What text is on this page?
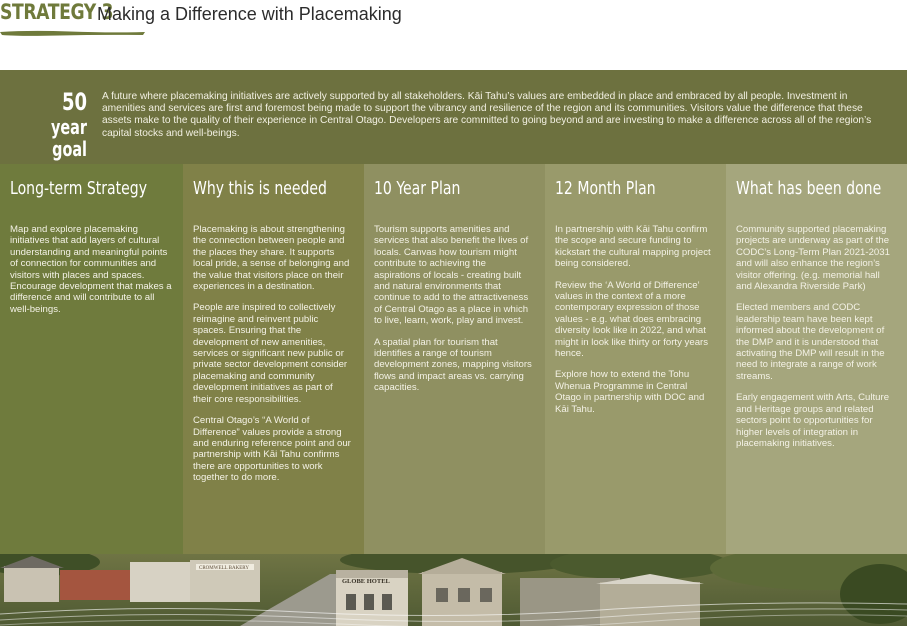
STRATEGY 3
Making a Difference with Placemaking
50
year goal
A future where placemaking initiatives are actively supported by all stakeholders. Kāi Tahu’s values are embedded in place and embraced by all people. Investment in amenities and services are first and foremost being made to support the vibrancy and resilience of the region and its communities. Visitors value the difference that these assets make to the quality of their experience in Central Otago. Developers are committed to going beyond and are investing to make a difference across all of the region’s capital stocks and well-beings.
Long-term Strategy

Map and explore placemaking initiatives that add layers of cultural understanding and meaningful points of connection for communities and visitors with places and spaces. Encourage development that makes a difference and will contribute to all well-beings.

Why this is needed

Placemaking is about strengthening the connection between people and the places they share. It supports local pride, a sense of belonging and the value that visitors place on their experiences in a destination.

People are inspired to collectively reimagine and reinvent public spaces. Ensuring that the development of new amenities, services or significant new public or private sector development consider placemaking and community development initiatives as part of their core responsibilities.

Central Otago’s “A World of Difference” values provide a strong and enduring reference point and our partnership with Kāi Tahu confirms there are opportunities to work together to do more.

10 Year Plan

Tourism supports amenities and services that also benefit the lives of locals. Canvas how tourism might contribute to achieving the aspirations of locals - creating built and natural environments that continue to add to the attractiveness of Central Otago as a place in which to live, learn, work, play and invest.

A spatial plan for tourism that identifies a range of tourism development zones, mapping visitors flows and impact areas vs. carrying capacities.

12 Month Plan

In partnership with Kāi Tahu confirm the scope and secure funding to kickstart the cultural mapping project being considered.

Review the ‘A World of Difference’ values in the context of a more contemporary expression of those values - e.g. what does embracing diversity look like in 2022, and what might in look like thirty or forty years hence.

Explore how to extend the Tohu Whenua Programme in Central Otago in partnership with DOC and Kāi Tahu.

What has been done

Community supported placemaking projects are underway as part of the CODC’s Long-Term Plan 2021-2031 and will also enhance the region’s visitor offering. (e.g. memorial hall and Alexandra Riverside Park)

Elected members and CODC leadership team have been kept informed about the development of the DMP and it is understood that activating the DMP will result in the need to integrate a range of work streams.

Early engagement with Arts, Culture and Heritage groups and related sectors point to opportunities for higher levels of integration in placemaking initiatives.

CROMWELL BAKERY
GLOBE HOTEL
